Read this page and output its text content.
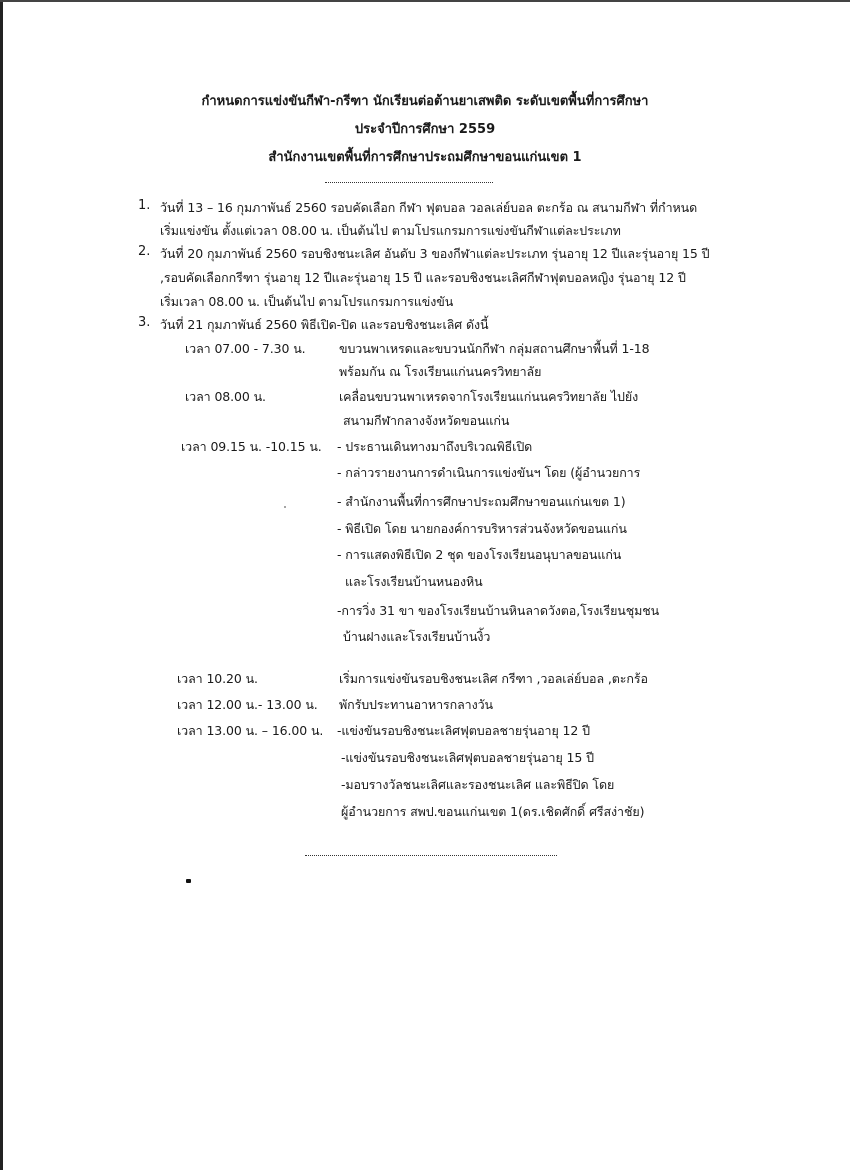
กำหนดการแข่งขันกีฬา-กรีฑา นักเรียนต่อต้านยาเสพติด ระดับเขตพื้นที่การศึกษา
ประจำปีการศึกษา 2559
สำนักงานเขตพื้นที่การศึกษาประถมศึกษาขอนแก่นเขต 1
1. วันที่ 13 – 16 กุมภาพันธ์ 2560 รอบคัดเลือก กีฬา ฟุตบอล วอลเล่ย์บอล ตะกร้อ ณ สนามกีฬา ที่กำหนด
เริ่มแข่งขัน ตั้งแต่เวลา 08.00 น. เป็นต้นไป ตามโปรแกรมการแข่งขันกีฬาแต่ละประเภท
2. วันที่ 20 กุมภาพันธ์ 2560 รอบชิงชนะเลิศ อันดับ 3 ของกีฬาแต่ละประเภท รุ่นอายุ 12 ปีและรุ่นอายุ 15 ปี
,รอบคัดเลือกกรีฑา รุ่นอายุ 12 ปีและรุ่นอายุ 15 ปี และรอบชิงชนะเลิศกีฬาฟุตบอลหญิง รุ่นอายุ 12 ปี
เริ่มเวลา 08.00 น. เป็นต้นไป ตามโปรแกรมการแข่งขัน
3. วันที่ 21 กุมภาพันธ์ 2560 พิธีเปิด-ปิด และรอบชิงชนะเลิศ ดังนี้
เวลา 07.00 - 7.30 น.	ขบวนพาเหรดและขบวนนักกีฬา กลุ่มสถานศึกษาพื้นที่ 1-18
พร้อมกัน ณ โรงเรียนแก่นนครวิทยาลัย
เวลา 08.00 น.	เคลื่อนขบวนพาเหรดจากโรงเรียนแก่นนครวิทยาลัย ไปยัง
สนามกีฬากลางจังหวัดขอนแก่น
เวลา 09.15 น. -10.15 น. - ประธานเดินทางมาถึงบริเวณพิธีเปิด
- กล่าวรายงานการดำเนินการแข่งขันฯ โดย (ผู้อำนวยการ
- สำนักงานพื้นที่การศึกษาประถมศึกษาขอนแก่นเขต 1)
- พิธีเปิด โดย นายกองค์การบริหารส่วนจังหวัดขอนแก่น
- การแสดงพิธีเปิด 2 ชุด ของโรงเรียนอนุบาลขอนแก่น
และโรงเรียนบ้านหนองหิน
-การวิ่ง 31 ขา ของโรงเรียนบ้านหินลาดวังตอ,โรงเรียนชุมชน
บ้านฝางและโรงเรียนบ้านงิ้ว
เวลา 10.20 น.	เริ่มการแข่งขันรอบชิงชนะเลิศ กรีฑา ,วอลเล่ย์บอล ,ตะกร้อ
เวลา 12.00 น.- 13.00 น. พักรับประทานอาหารกลางวัน
เวลา 13.00 น. – 16.00 น. -แข่งขันรอบชิงชนะเลิศฟุตบอลชายรุ่นอายุ 12 ปี
-แข่งขันรอบชิงชนะเลิศฟุตบอลชายรุ่นอายุ 15 ปี
-มอบรางวัลชนะเลิศและรองชนะเลิศ และพิธีปิด โดย
ผู้อำนวยการ สพป.ขอนแก่นเขต 1(ดร.เชิดศักดิ์ ศรีสง่าชัย)
